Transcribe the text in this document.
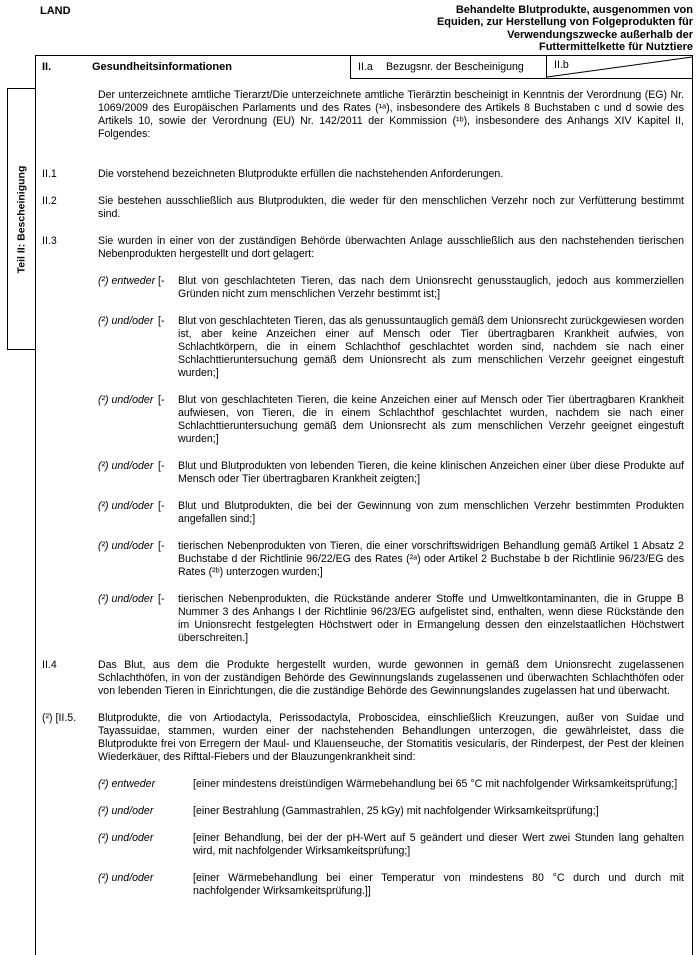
LAND	Behandelte Blutprodukte, ausgenommen von
Equiden, zur Herstellung von Folgeprodukten für
Verwendungszwecke außerhalb der
Futtermittelkette für Nutztiere
II.	Gesundheitsinformationen	II.a	Bezugsnr. der Bescheinigung	II.b
Der unterzeichnete amtliche Tierarzt/Die unterzeichnete amtliche Tierärztin bescheinigt in Kenntnis der Verordnung (EG) Nr. 1069/2009 des Europäischen Parlaments und des Rates (¹ᵃ), insbesondere des Artikels 8 Buchstaben c und d sowie des Artikels 10, sowie der Verordnung (EU) Nr. 142/2011 der Kommission (¹ᵇ), insbesondere des Anhangs XIV Kapitel II, Folgendes:
II.1	Die vorstehend bezeichneten Blutprodukte erfüllen die nachstehenden Anforderungen.
II.2	Sie bestehen ausschließlich aus Blutprodukten, die weder für den menschlichen Verzehr noch zur Verfütterung bestimmt sind.
II.3	Sie wurden in einer von der zuständigen Behörde überwachten Anlage ausschließlich aus den nachstehenden tierischen Nebenprodukten hergestellt und dort gelagert:
(²) entweder [-	Blut von geschlachteten Tieren, das nach dem Unionsrecht genusstauglich, jedoch aus kommerziellen Gründen nicht zum menschlichen Verzehr bestimmt ist;]
(²) und/oder [-	Blut von geschlachteten Tieren, das als genussuntauglich gemäß dem Unionsrecht zurückgewiesen worden ist, aber keine Anzeichen einer auf Mensch oder Tier übertragbaren Krankheit aufwies, von Schlachtkörpern, die in einem Schlachthof geschlachtet worden sind, nachdem sie nach einer Schlachttieruntersuchung gemäß dem Unionsrecht als zum menschlichen Verzehr geeignet eingestuft wurden;]
(²) und/oder [-	Blut von geschlachteten Tieren, die keine Anzeichen einer auf Mensch oder Tier übertragbaren Krankheit aufwiesen, von Tieren, die in einem Schlachthof geschlachtet wurden, nachdem sie nach einer Schlachttieruntersuchung gemäß dem Unionsrecht als zum menschlichen Verzehr geeignet eingestuft wurden;]
(²) und/oder [-	Blut und Blutprodukten von lebenden Tieren, die keine klinischen Anzeichen einer über diese Produkte auf Mensch oder Tier übertragbaren Krankheit zeigten;]
(²) und/oder [-	Blut und Blutprodukten, die bei der Gewinnung von zum menschlichen Verzehr bestimmten Produkten angefallen sind;]
(²) und/oder [-	tierischen Nebenprodukten von Tieren, die einer vorschriftswidrigen Behandlung gemäß Artikel 1 Absatz 2 Buchstabe d der Richtlinie 96/22/EG des Rates (²ᵃ) oder Artikel 2 Buchstabe b der Richtlinie 96/23/EG des Rates (²ᵇ) unterzogen wurden;]
(²) und/oder [-	tierischen Nebenprodukten, die Rückstände anderer Stoffe und Umweltkontaminanten, die in Gruppe B Nummer 3 des Anhangs I der Richtlinie 96/23/EG aufgelistet sind, enthalten, wenn diese Rückstände den im Unionsrecht festgelegten Höchstwert oder in Ermangelung dessen den einzelstaatlichen Höchstwert überschreiten.]
II.4	Das Blut, aus dem die Produkte hergestellt wurden, wurde gewonnen in gemäß dem Unionsrecht zugelassenen Schlachthöfen, in von der zuständigen Behörde des Gewinnungslands zugelassenen und überwachten Schlachthöfen oder von lebenden Tieren in Einrichtungen, die die zuständige Behörde des Gewinnungslandes zugelassen hat und überwacht.
(²) [II.5.	Blutprodukte, die von Artiodactyla, Perissodactyla, Proboscidea, einschließlich Kreuzungen, außer von Suidae und Tayassuidae, stammen, wurden einer der nachstehenden Behandlungen unterzogen, die gewährleistet, dass die Blutprodukte frei von Erregern der Maul- und Klauenseuche, der Stomatitis vesicularis, der Rinderpest, der Pest der kleinen Wiederkäuer, des Rifttal-Fiebers und der Blauzungenkrankheit sind:
(²) entweder	[einer mindestens dreistündigen Wärmebehandlung bei 65 °C mit nachfolgender Wirksamkeitsprüfung;]
(²) und/oder	[einer Bestrahlung (Gammastrahlen, 25 kGy) mit nachfolgender Wirksamkeitsprüfung;]
(²) und/oder	[einer Behandlung, bei der der pH-Wert auf 5 geändert und dieser Wert zwei Stunden lang gehalten wird, mit nachfolgender Wirksamkeitsprüfung;]
(²) und/oder	[einer Wärmebehandlung bei einer Temperatur von mindestens 80 °C durch und durch mit nachfolgender Wirksamkeitsprüfung.]]
Teil II: Bescheinigung
